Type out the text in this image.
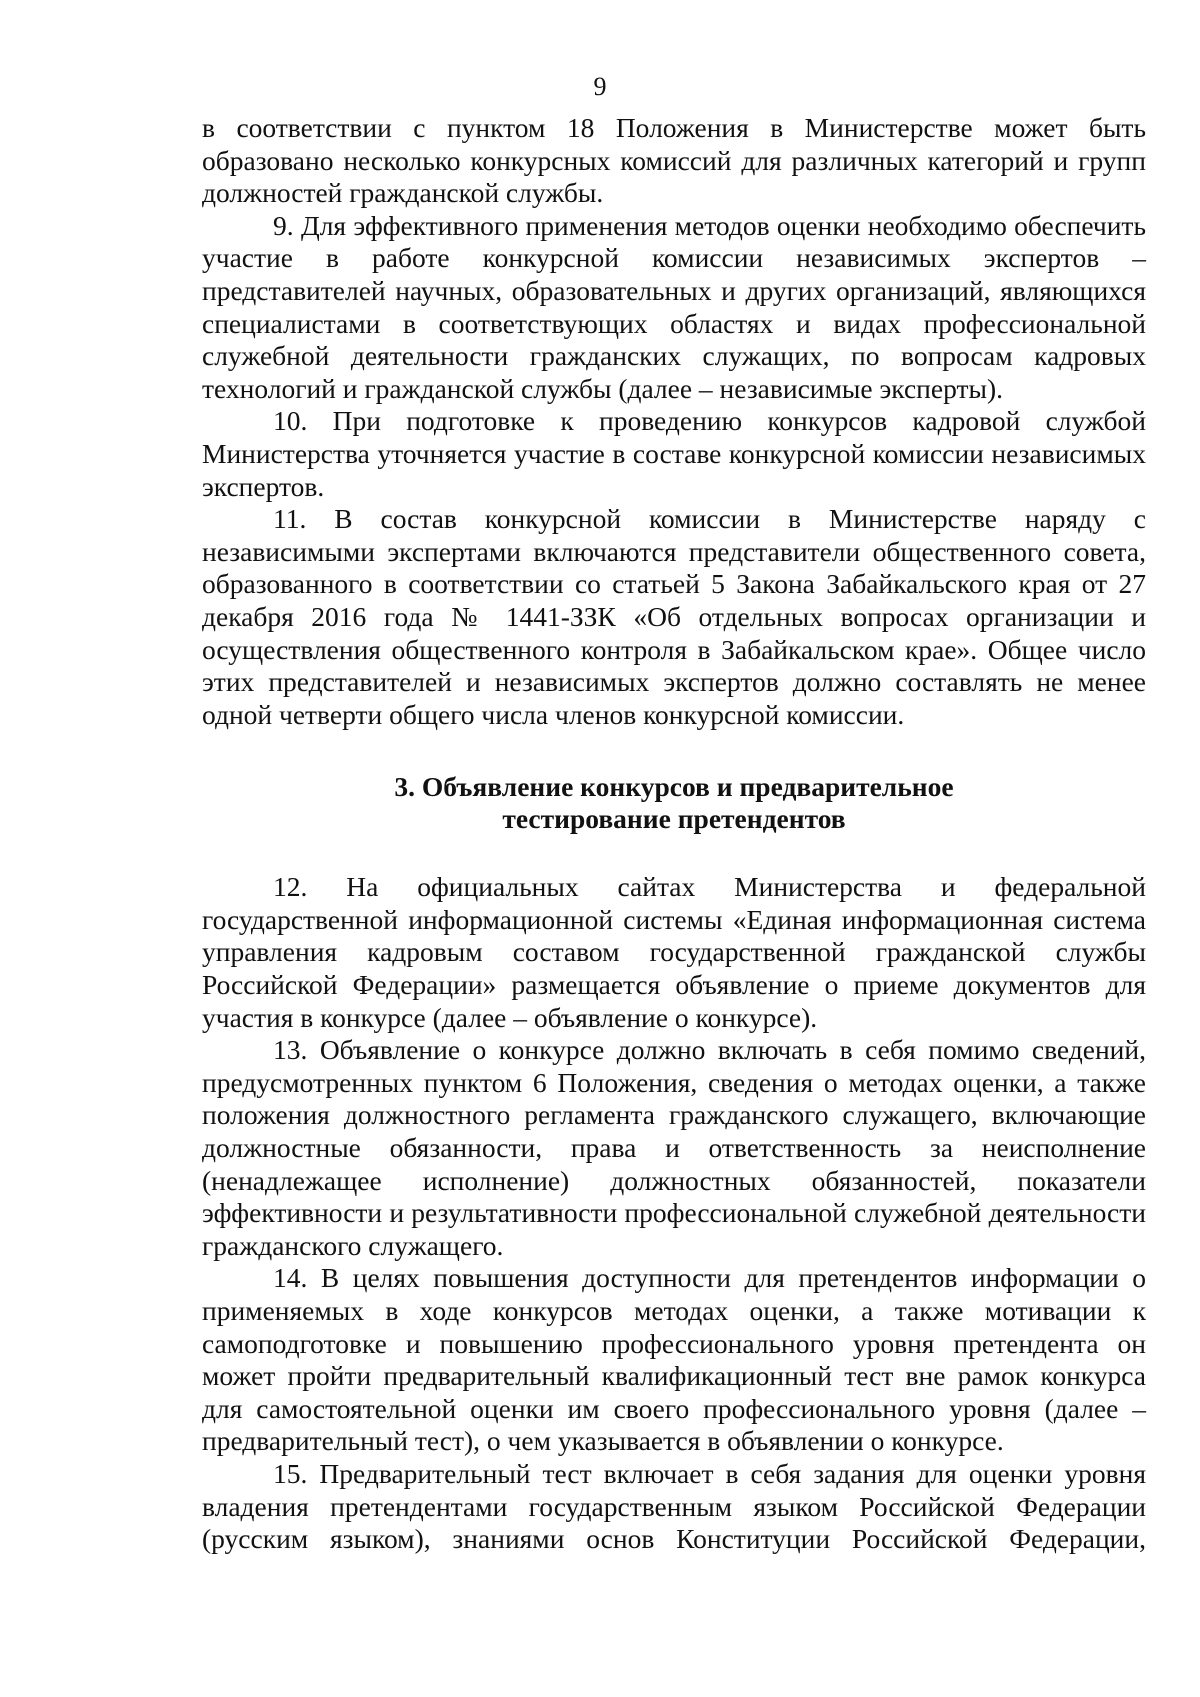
9

в соответствии с пунктом 18 Положения в Министерстве может быть образовано несколько конкурсных комиссий для различных категорий и групп должностей гражданской службы.

9. Для эффективного применения методов оценки необходимо обеспечить участие в работе конкурсной комиссии независимых экспертов – представителей научных, образовательных и других организаций, являющихся специалистами в соответствующих областях и видах профессиональной служебной деятельности гражданских служащих, по вопросам кадровых технологий и гражданской службы (далее – независимые эксперты).

10. При подготовке к проведению конкурсов кадровой службой Министерства уточняется участие в составе конкурсной комиссии независимых экспертов.

11. В состав конкурсной комиссии в Министерстве наряду с независимыми экспертами включаются представители общественного совета, образованного в соответствии со статьей 5 Закона Забайкальского края от 27 декабря 2016 года № 1441-ЗЗК «Об отдельных вопросах организации и осуществления общественного контроля в Забайкальском крае». Общее число этих представителей и независимых экспертов должно составлять не менее одной четверти общего числа членов конкурсной комиссии.

3. Объявление конкурсов и предварительное
тестирование претендентов

12. На официальных сайтах Министерства и федеральной государственной информационной системы «Единая информационная система управления кадровым составом государственной гражданской службы Российской Федерации» размещается объявление о приеме документов для участия в конкурсе (далее – объявление о конкурсе).

13. Объявление о конкурсе должно включать в себя помимо сведений, предусмотренных пунктом 6 Положения, сведения о методах оценки, а также положения должностного регламента гражданского служащего, включающие должностные обязанности, права и ответственность за неисполнение (ненадлежащее исполнение) должностных обязанностей, показатели эффективности и результативности профессиональной служебной деятельности гражданского служащего.

14. В целях повышения доступности для претендентов информации о применяемых в ходе конкурсов методах оценки, а также мотивации к самоподготовке и повышению профессионального уровня претендента он может пройти предварительный квалификационный тест вне рамок конкурса для самостоятельной оценки им своего профессионального уровня (далее – предварительный тест), о чем указывается в объявлении о конкурсе.

15. Предварительный тест включает в себя задания для оценки уровня владения претендентами государственным языком Российской Федерации (русским языком), знаниями основ Конституции Российской Федерации,
